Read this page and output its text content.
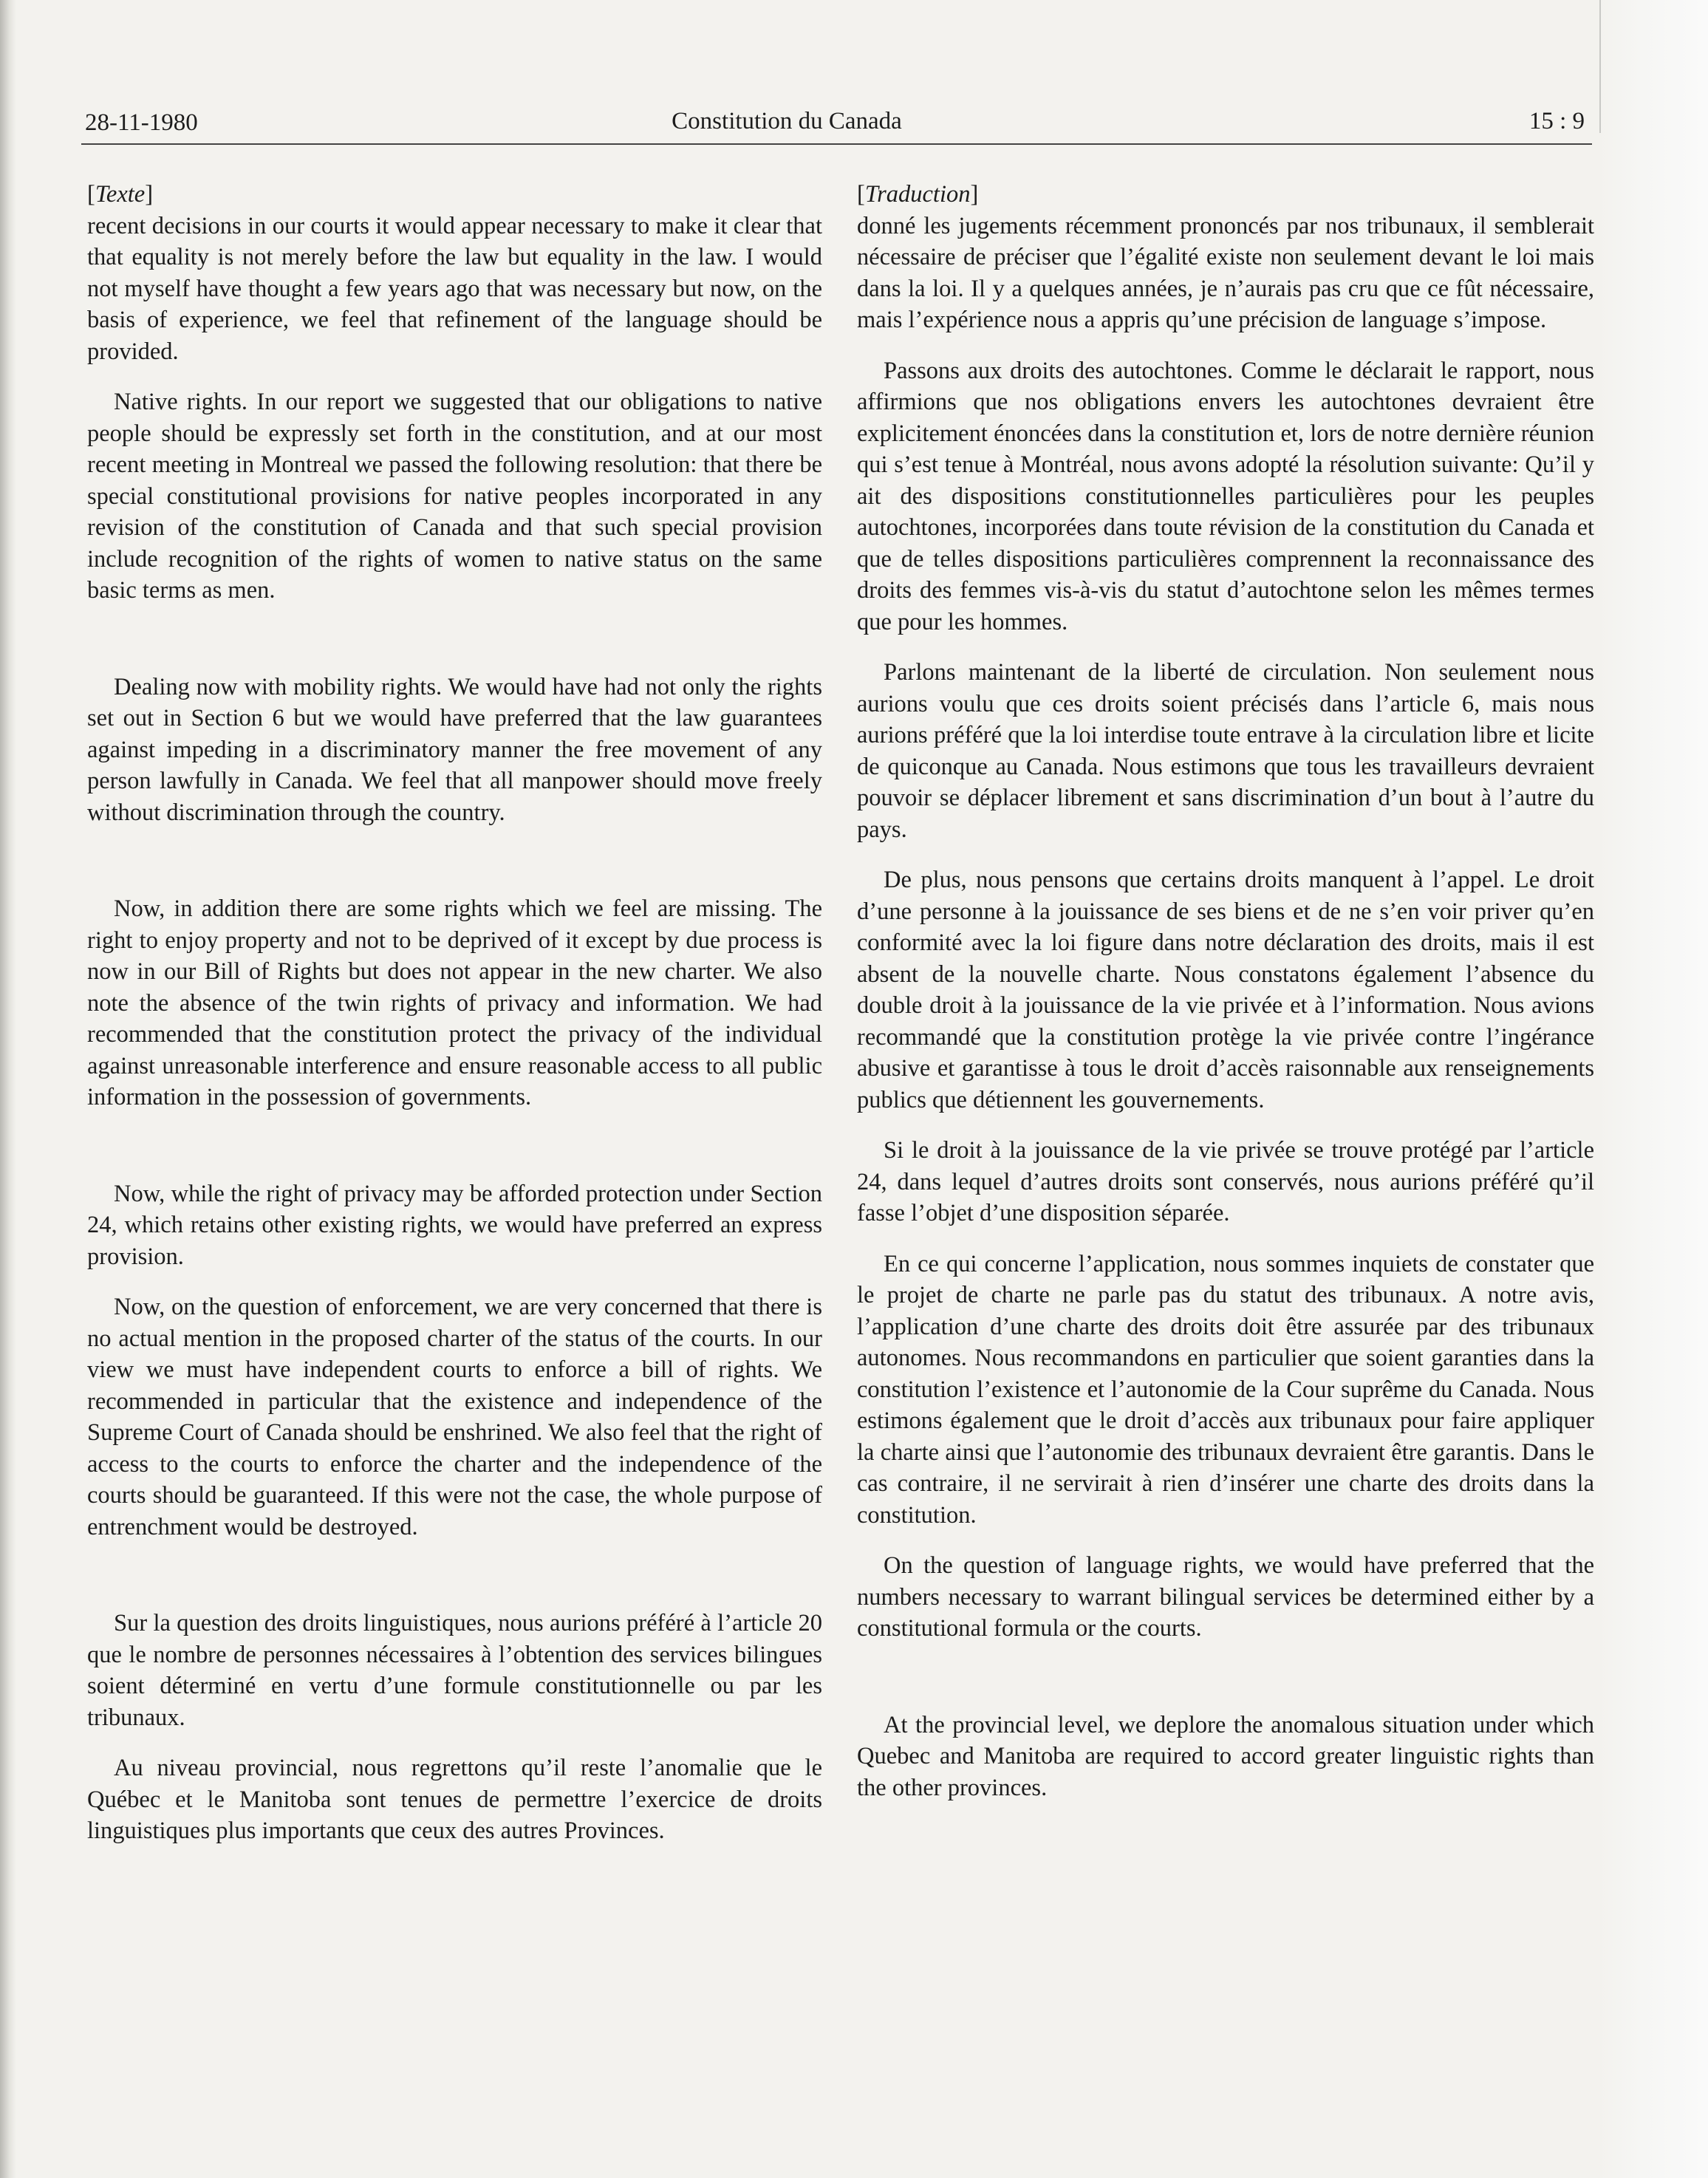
28-11-1980	Constitution du Canada	15 : 9
[Texte]

recent decisions in our courts it would appear necessary to make it clear that that equality is not merely before the law but equality in the law. I would not myself have thought a few years ago that was necessary but now, on the basis of experience, we feel that refinement of the language should be provided.

Native rights. In our report we suggested that our obligations to native people should be expressly set forth in the constitution, and at our most recent meeting in Montreal we passed the following resolution: that there be special constitutional provisions for native peoples incorporated in any revision of the constitution of Canada and that such special provision include recognition of the rights of women to native status on the same basic terms as men.

Dealing now with mobility rights. We would have had not only the rights set out in Section 6 but we would have preferred that the law guarantees against impeding in a discriminatory manner the free movement of any person lawfully in Canada. We feel that all manpower should move freely without discrimination through the country.

Now, in addition there are some rights which we feel are missing. The right to enjoy property and not to be deprived of it except by due process is now in our Bill of Rights but does not appear in the new charter. We also note the absence of the twin rights of privacy and information. We had recommended that the constitution protect the privacy of the individual against unreasonable interference and ensure reasonable access to all public information in the possession of governments.

Now, while the right of privacy may be afforded protection under Section 24, which retains other existing rights, we would have preferred an express provision.

Now, on the question of enforcement, we are very concerned that there is no actual mention in the proposed charter of the status of the courts. In our view we must have independent courts to enforce a bill of rights. We recommended in particular that the existence and independence of the Supreme Court of Canada should be enshrined. We also feel that the right of access to the courts to enforce the charter and the independence of the courts should be guaranteed. If this were not the case, the whole purpose of entrenchment would be destroyed.

Sur la question des droits linguistiques, nous aurions préféré à l’article 20 que le nombre de personnes nécessaires à l’obtention des services bilingues soient déterminé en vertu d’une formule constitutionnelle ou par les tribunaux.

Au niveau provincial, nous regrettons qu’il reste l’anomalie que le Québec et le Manitoba sont tenues de permettre l’exercice de droits linguistiques plus importants que ceux des autres Provinces.

[Traduction]

donné les jugements récemment prononcés par nos tribunaux, il semblerait nécessaire de préciser que l’égalité existe non seulement devant le loi mais dans la loi. Il y a quelques années, je n’aurais pas cru que ce fût nécessaire, mais l’expérience nous a appris qu’une précision de language s’impose.

Passons aux droits des autochtones. Comme le déclarait le rapport, nous affirmions que nos obligations envers les autochtones devraient être explicitement énoncées dans la constitution et, lors de notre dernière réunion qui s’est tenue à Montréal, nous avons adopté la résolution suivante: Qu’il y ait des dispositions constitutionnelles particulières pour les peuples autochtones, incorporées dans toute révision de la constitution du Canada et que de telles dispositions particulières comprennent la reconnaissance des droits des femmes vis-à-vis du statut d’autochtone selon les mêmes termes que pour les hommes.

Parlons maintenant de la liberté de circulation. Non seulement nous aurions voulu que ces droits soient précisés dans l’article 6, mais nous aurions préféré que la loi interdise toute entrave à la circulation libre et licite de quiconque au Canada. Nous estimons que tous les travailleurs devraient pouvoir se déplacer librement et sans discrimination d’un bout à l’autre du pays.

De plus, nous pensons que certains droits manquent à l’appel. Le droit d’une personne à la jouissance de ses biens et de ne s’en voir priver qu’en conformité avec la loi figure dans notre déclaration des droits, mais il est absent de la nouvelle charte. Nous constatons également l’absence du double droit à la jouissance de la vie privée et à l’information. Nous avions recommandé que la constitution protège la vie privée contre l’ingérance abusive et garantisse à tous le droit d’accès raisonnable aux renseignements publics que détiennent les gouvernements.

Si le droit à la jouissance de la vie privée se trouve protégé par l’article 24, dans lequel d’autres droits sont conservés, nous aurions préféré qu’il fasse l’objet d’une disposition séparée.

En ce qui concerne l’application, nous sommes inquiets de constater que le projet de charte ne parle pas du statut des tribunaux. A notre avis, l’application d’une charte des droits doit être assurée par des tribunaux autonomes. Nous recommandons en particulier que soient garanties dans la constitution l’existence et l’autonomie de la Cour suprême du Canada. Nous estimons également que le droit d’accès aux tribunaux pour faire appliquer la charte ainsi que l’autonomie des tribunaux devraient être garantis. Dans le cas contraire, il ne servirait à rien d’insérer une charte des droits dans la constitution.

On the question of language rights, we would have preferred that the numbers necessary to warrant bilingual services be determined either by a constitutional formula or the courts.

At the provincial level, we deplore the anomalous situation under which Quebec and Manitoba are required to accord greater linguistic rights than the other provinces.
